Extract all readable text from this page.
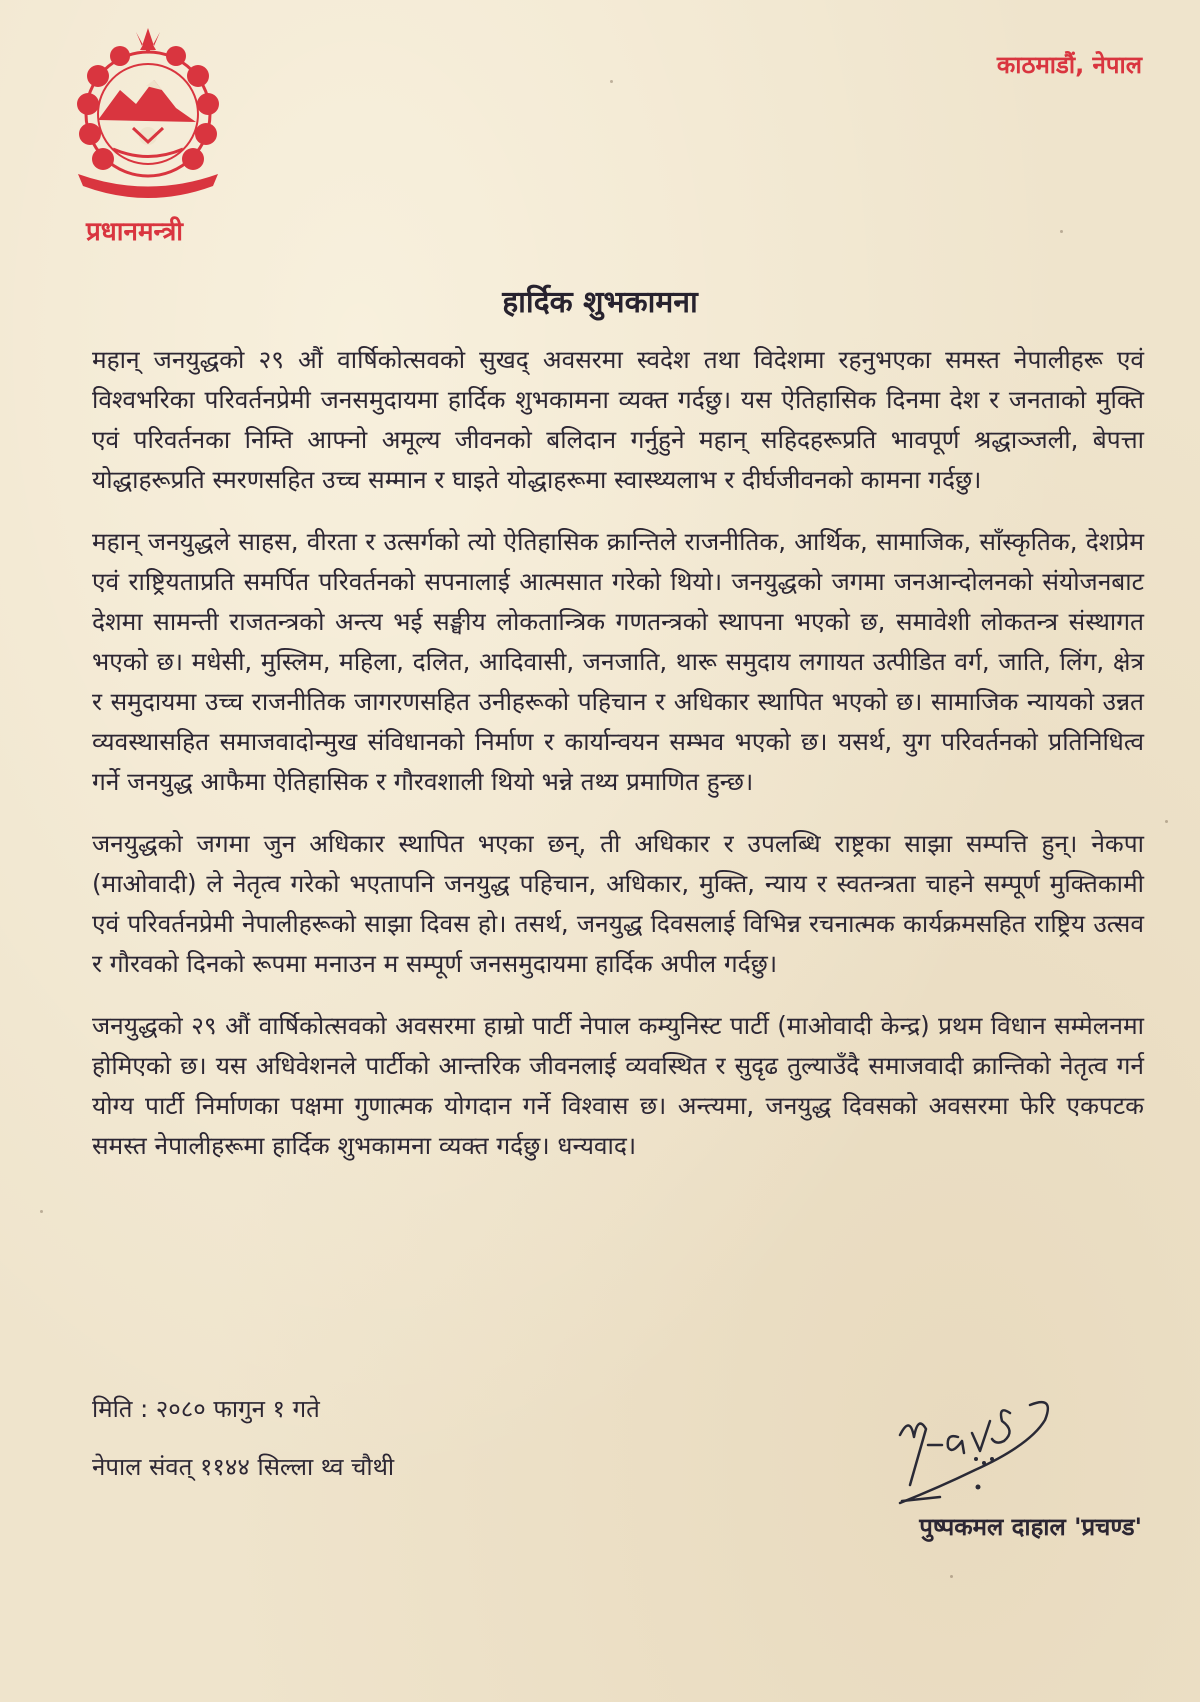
प्रधानमन्त्री
काठमाडौं, नेपाल
हार्दिक शुभकामना

महान् जनयुद्धको २९ औं वार्षिकोत्सवको सुखद् अवसरमा स्वदेश तथा विदेशमा रहनुभएका समस्त नेपालीहरू एवं विश्वभरिका परिवर्तनप्रेमी जनसमुदायमा हार्दिक शुभकामना व्यक्त गर्दछु। यस ऐतिहासिक दिनमा देश र जनताको मुक्ति एवं परिवर्तनका निम्ति आफ्नो अमूल्य जीवनको बलिदान गर्नुहुने महान् सहिदहरूप्रति भावपूर्ण श्रद्धाञ्जली, बेपत्ता योद्धाहरूप्रति स्मरणसहित उच्च सम्मान र घाइते योद्धाहरूमा स्वास्थ्यलाभ र दीर्घजीवनको कामना गर्दछु।

महान् जनयुद्धले साहस, वीरता र उत्सर्गको त्यो ऐतिहासिक क्रान्तिले राजनीतिक, आर्थिक, सामाजिक, साँस्कृतिक, देशप्रेम एवं राष्ट्रियताप्रति समर्पित परिवर्तनको सपनालाई आत्मसात गरेको थियो। जनयुद्धको जगमा जनआन्दोलनको संयोजनबाट देशमा सामन्ती राजतन्त्रको अन्त्य भई सङ्घीय लोकतान्त्रिक गणतन्त्रको स्थापना भएको छ, समावेशी लोकतन्त्र संस्थागत भएको छ। मधेसी, मुस्लिम, महिला, दलित, आदिवासी, जनजाति, थारू समुदाय लगायत उत्पीडित वर्ग, जाति, लिंग, क्षेत्र र समुदायमा उच्च राजनीतिक जागरणसहित उनीहरूको पहिचान र अधिकार स्थापित भएको छ। सामाजिक न्यायको उन्नत व्यवस्थासहित समाजवादोन्मुख संविधानको निर्माण र कार्यान्वयन सम्भव भएको छ। यसर्थ, युग परिवर्तनको प्रतिनिधित्व गर्ने जनयुद्ध आफैमा ऐतिहासिक र गौरवशाली थियो भन्ने तथ्य प्रमाणित हुन्छ।

जनयुद्धको जगमा जुन अधिकार स्थापित भएका छन्, ती अधिकार र उपलब्धि राष्ट्रका साझा सम्पत्ति हुन्। नेकपा (माओवादी) ले नेतृत्व गरेको भएतापनि जनयुद्ध पहिचान, अधिकार, मुक्ति, न्याय र स्वतन्त्रता चाहने सम्पूर्ण मुक्तिकामी एवं परिवर्तनप्रेमी नेपालीहरूको साझा दिवस हो। तसर्थ, जनयुद्ध दिवसलाई विभिन्न रचनात्मक कार्यक्रमसहित राष्ट्रिय उत्सव र गौरवको दिनको रूपमा मनाउन म सम्पूर्ण जनसमुदायमा हार्दिक अपील गर्दछु।

जनयुद्धको २९ औं वार्षिकोत्सवको अवसरमा हाम्रो पार्टी नेपाल कम्युनिस्ट पार्टी (माओवादी केन्द्र) प्रथम विधान सम्मेलनमा होमिएको छ। यस अधिवेशनले पार्टीको आन्तरिक जीवनलाई व्यवस्थित र सुदृढ तुल्याउँदै समाजवादी क्रान्तिको नेतृत्व गर्न योग्य पार्टी निर्माणका पक्षमा गुणात्मक योगदान गर्ने विश्वास छ। अन्त्यमा, जनयुद्ध दिवसको अवसरमा फेरि एकपटक समस्त नेपालीहरूमा हार्दिक शुभकामना व्यक्त गर्दछु। धन्यवाद।

मिति : २०८० फागुन १ गते
नेपाल संवत् ११४४ सिल्ला थ्व चौथी
पुष्पकमल दाहाल 'प्रचण्ड'
